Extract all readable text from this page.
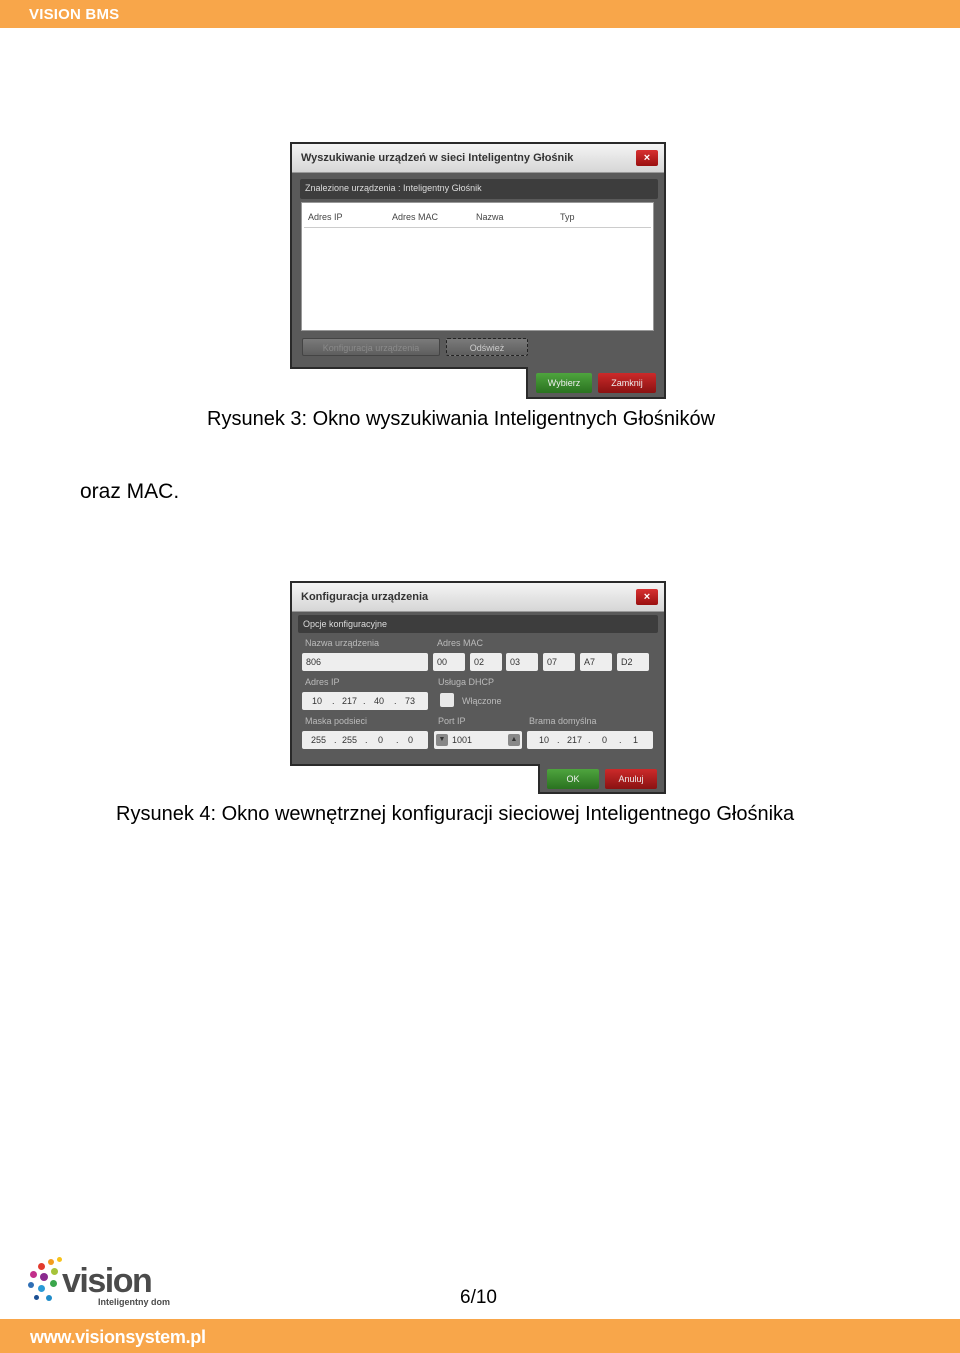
VISION BMS
Wyszukiwanie urządzeń w sieci Inteligentny Głośnik	×
Znalezione urządzenia : Inteligentny Głośnik
Adres IP	Adres MAC	Nazwa	Typ
Konfiguracja urządzenia	Odśwież
Wybierz	Zamknij
Rysunek 3: Okno wyszukiwania Inteligentnych Głośników
oraz MAC.
Konfiguracja urządzenia	×
Opcje konfiguracyjne
Nazwa urządzenia
806
Adres MAC
00	02	03	07	A7	D2
Adres IP
10 . 217 . 40 . 73
Usługa DHCP
Włączone
Maska podsieci
255 . 255 . 0 . 0
Port IP
▼ 1001	▲
Brama domyślna
10 . 217 . 0 . 1
OK	Anuluj
Rysunek 4: Okno wewnętrznej konfiguracji sieciowej Inteligentnego Głośnika
vision
Inteligentny dom	6/10
www.visionsystem.pl
